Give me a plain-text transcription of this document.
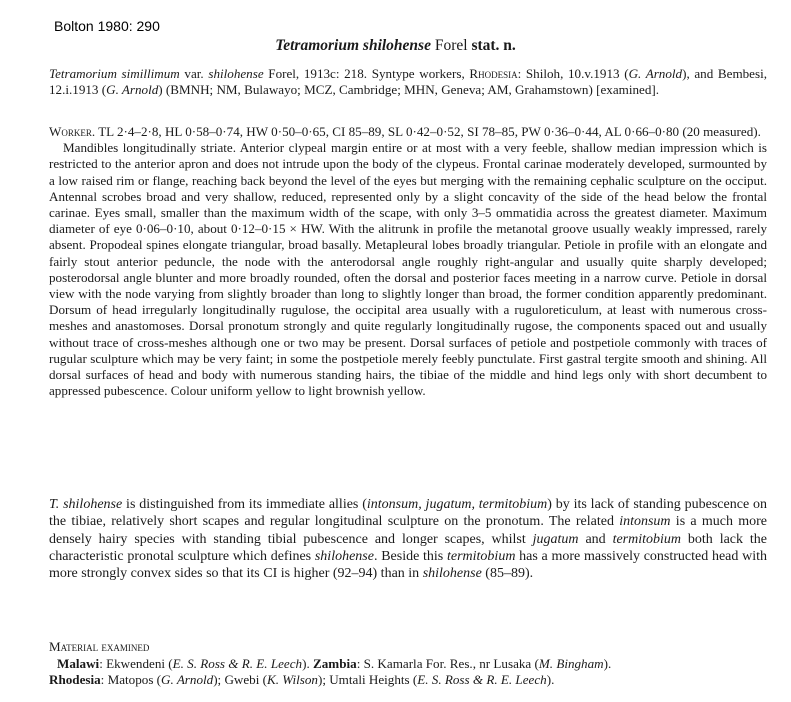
Bolton 1980: 290
Tetramorium shilohense Forel stat. n.
Tetramorium simillimum var. shilohense Forel, 1913c: 218. Syntype workers, Rhodesia: Shiloh, 10.v.1913 (G. Arnold), and Bembesi, 12.i.1913 (G. Arnold) (BMNH; NM, Bulawayo; MCZ, Cambridge; MHN, Geneva; AM, Grahamstown) [examined].

Worker. TL 2·4–2·8, HL 0·58–0·74, HW 0·50–0·65, CI 85–89, SL 0·42–0·52, SI 78–85, PW 0·36–0·44, AL 0·66–0·80 (20 measured).

Mandibles longitudinally striate. Anterior clypeal margin entire or at most with a very feeble, shallow median impression which is restricted to the anterior apron and does not intrude upon the body of the clypeus. Frontal carinae moderately developed, surmounted by a low raised rim or flange, reaching back beyond the level of the eyes but merging with the remaining cephalic sculpture on the occiput. Antennal scrobes broad and very shallow, reduced, represented only by a slight concavity of the side of the head below the frontal carinae. Eyes small, smaller than the maximum width of the scape, with only 3–5 ommatidia across the greatest diameter. Maximum diameter of eye 0·06–0·10, about 0·12–0·15 × HW. With the alitrunk in profile the metanotal groove usually weakly impressed, rarely absent. Propodeal spines elongate triangular, broad basally. Metapleural lobes broadly triangular. Petiole in profile with an elongate and fairly stout anterior peduncle, the node with the anterodorsal angle roughly right-angular and usually quite sharply developed; posterodorsal angle blunter and more broadly rounded, often the dorsal and posterior faces meeting in a narrow curve. Petiole in dorsal view with the node varying from slightly broader than long to slightly longer than broad, the former condition apparently predominant. Dorsum of head irregularly longitudinally rugulose, the occipital area usually with a ruguloreticulum, at least with numerous cross-meshes and anastomoses. Dorsal pronotum strongly and quite regularly longitudinally rugose, the components spaced out and usually without trace of cross-meshes although one or two may be present. Dorsal surfaces of petiole and postpetiole commonly with traces of rugular sculpture which may be very faint; in some the postpetiole merely feebly punctulate. First gastral tergite smooth and shining. All dorsal surfaces of head and body with numerous standing hairs, the tibiae of the middle and hind legs only with short decumbent to appressed pubescence. Colour uniform yellow to light brownish yellow.

T. shilohense is distinguished from its immediate allies (intonsum, jugatum, termitobium) by its lack of standing pubescence on the tibiae, relatively short scapes and regular longitudinal sculpture on the pronotum. The related intonsum is a much more densely hairy species with standing tibial pubescence and longer scapes, whilst jugatum and termitobium both lack the characteristic pronotal sculpture which defines shilohense. Beside this termitobium has a more massively constructed head with more strongly convex sides so that its CI is higher (92–94) than in shilohense (85–89).

Material examined
Malawi: Ekwendeni (E. S. Ross & R. E. Leech). Zambia: S. Kamarla For. Res., nr Lusaka (M. Bingham).
Rhodesia: Matopos (G. Arnold); Gwebi (K. Wilson); Umtali Heights (E. S. Ross & R. E. Leech).
